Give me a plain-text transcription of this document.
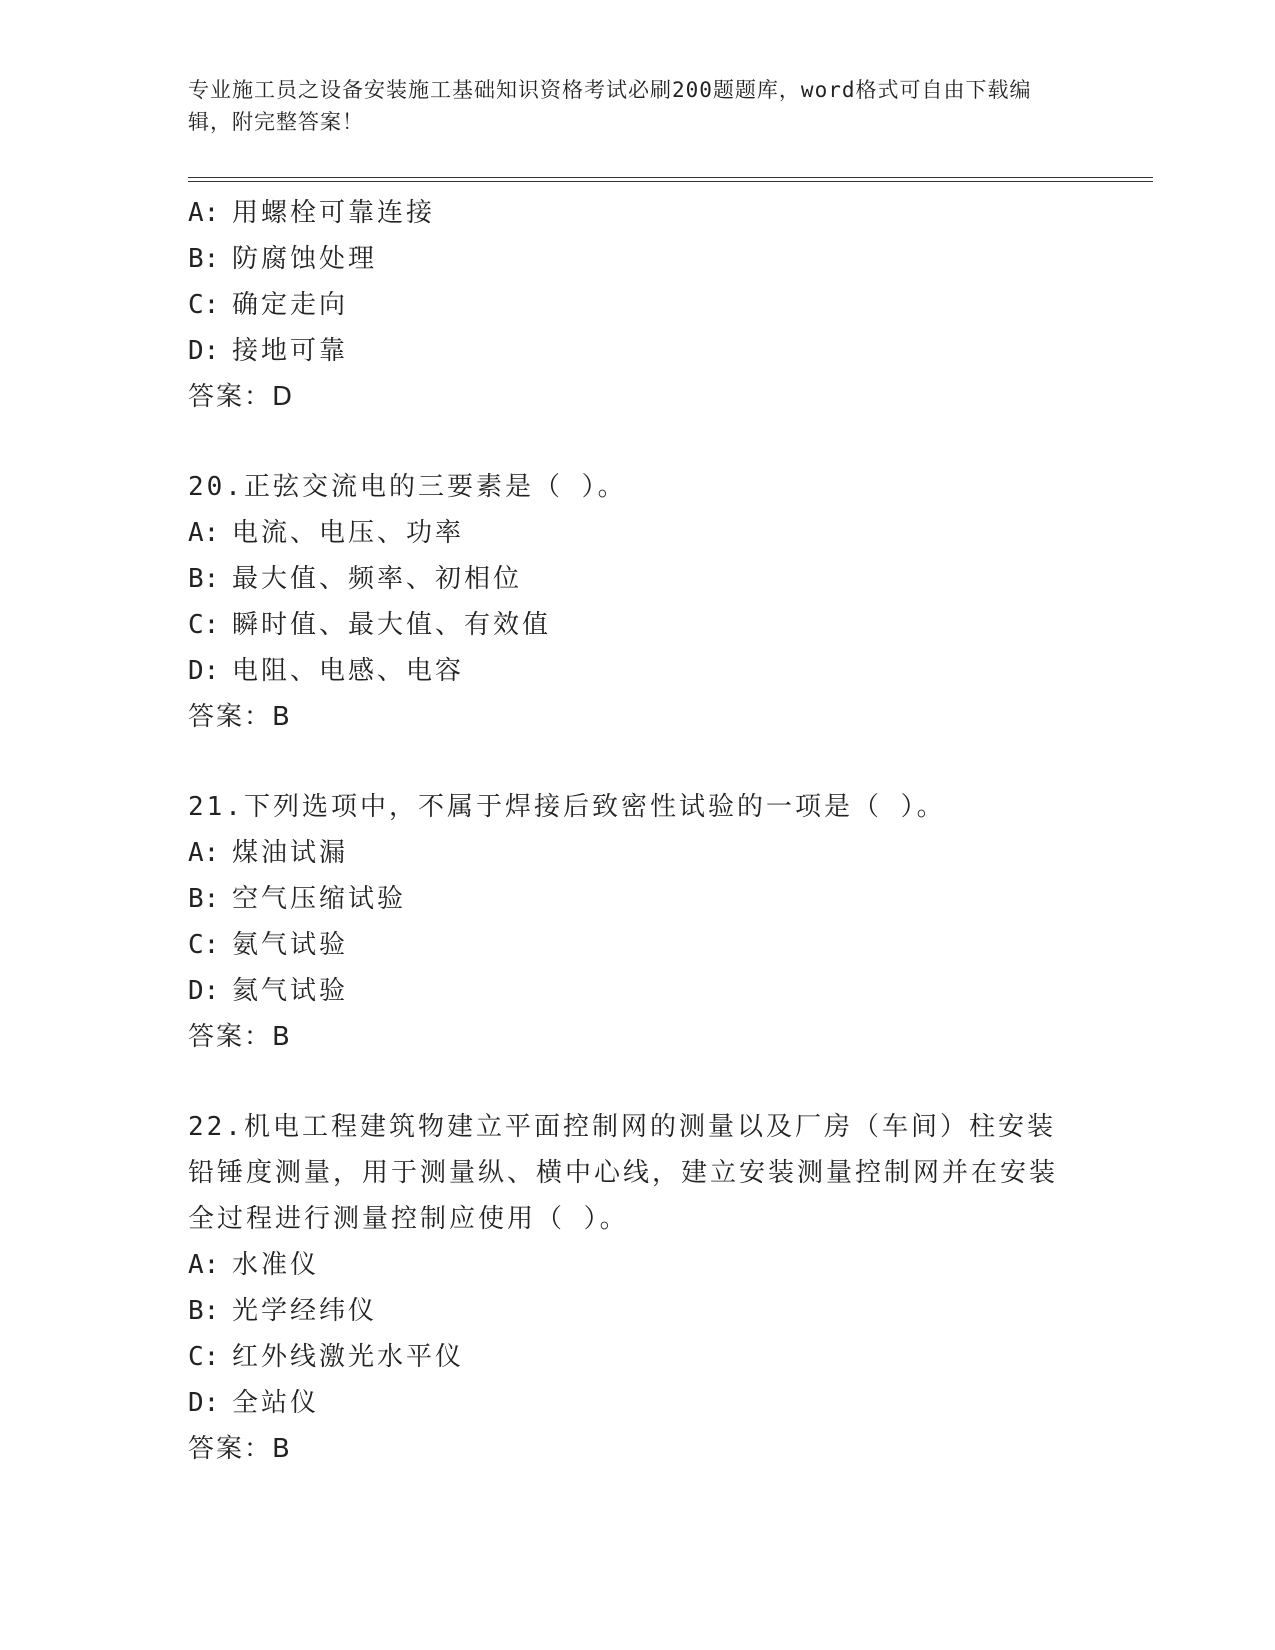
专业施工员之设备安装施工基础知识资格考试必刷200题题库，word格式可自由下载编辑，附完整答案！
A: 用螺栓可靠连接
B: 防腐蚀处理
C: 确定走向
D: 接地可靠
答案：D
20.正弦交流电的三要素是（ ）。
A: 电流、电压、功率
B: 最大值、频率、初相位
C: 瞬时值、最大值、有效值
D: 电阻、电感、电容
答案：B
21.下列选项中，不属于焊接后致密性试验的一项是（ ）。
A: 煤油试漏
B: 空气压缩试验
C: 氨气试验
D: 氦气试验
答案：B
22.机电工程建筑物建立平面控制网的测量以及厂房（车间）柱安装铅锤度测量，用于测量纵、横中心线，建立安装测量控制网并在安装全过程进行测量控制应使用（ ）。
A: 水准仪
B: 光学经纬仪
C: 红外线激光水平仪
D: 全站仪
答案：B
